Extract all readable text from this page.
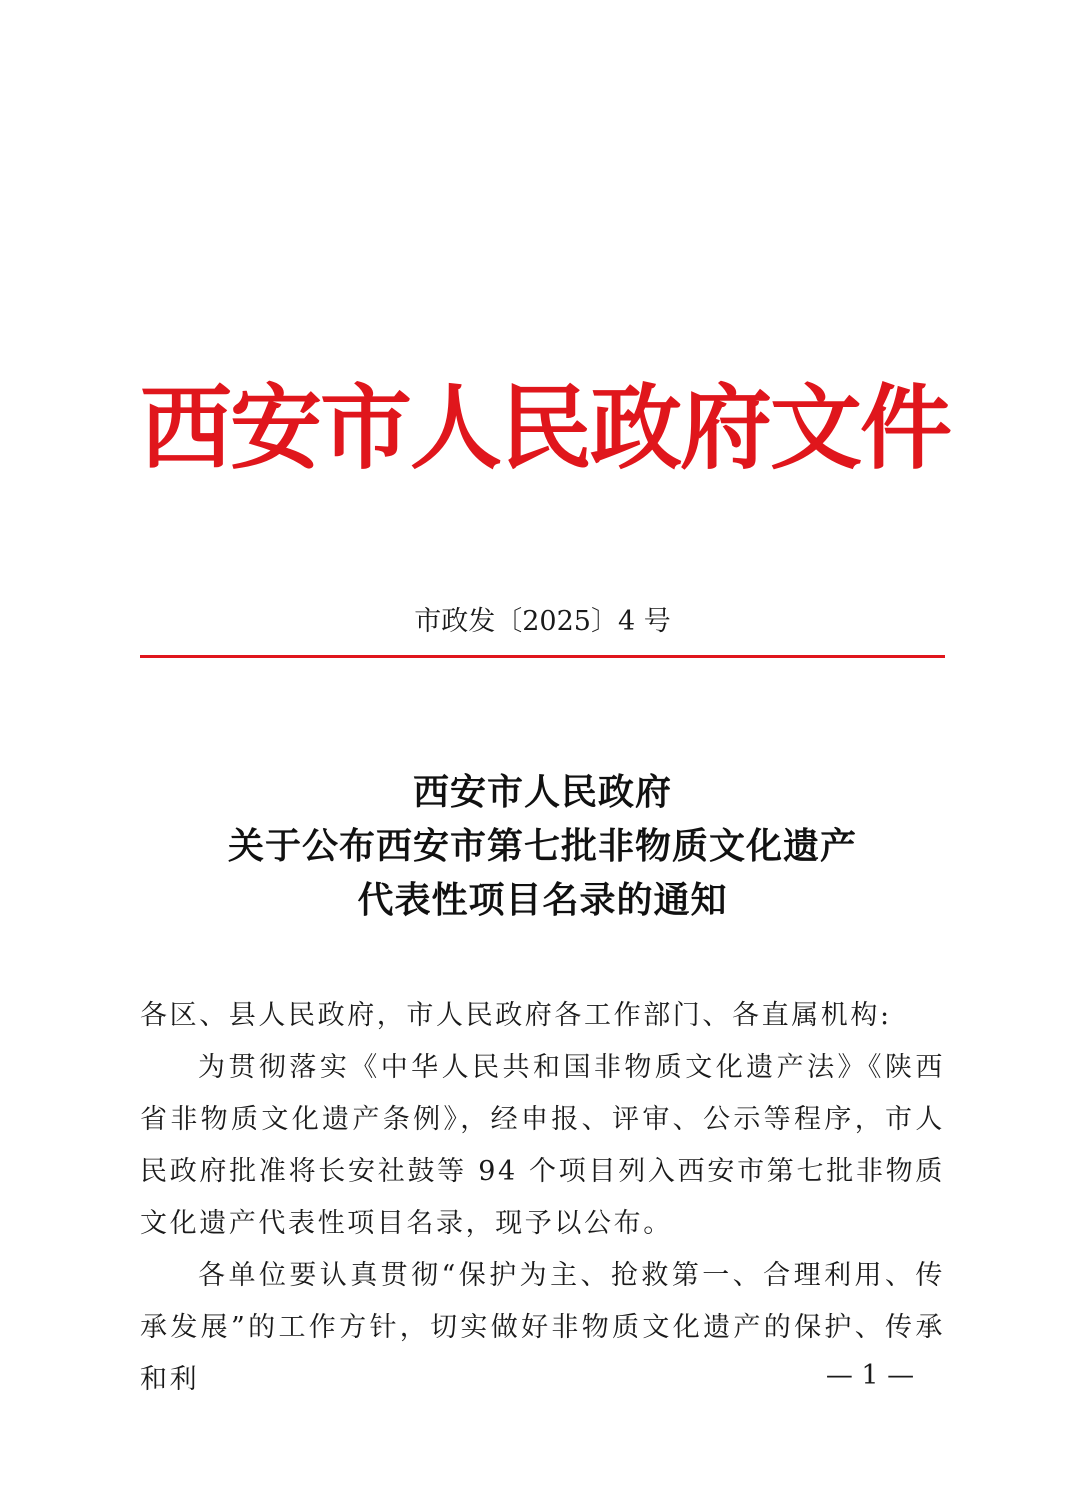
西安市人民政府文件
市政发〔2025〕4 号
西安市人民政府
关于公布西安市第七批非物质文化遗产
代表性项目名录的通知

各区、县人民政府，市人民政府各工作部门、各直属机构:

为贯彻落实《中华人民共和国非物质文化遗产法》《陕西省非物质文化遗产条例》，经申报、评审、公示等程序，市人民政府批准将长安社鼓等 94 个项目列入西安市第七批非物质文化遗产代表性项目名录，现予以公布。

各单位要认真贯彻“保护为主、抢救第一、合理利用、传承发展”的工作方针，切实做好非物质文化遗产的保护、传承和利	— 1 —
